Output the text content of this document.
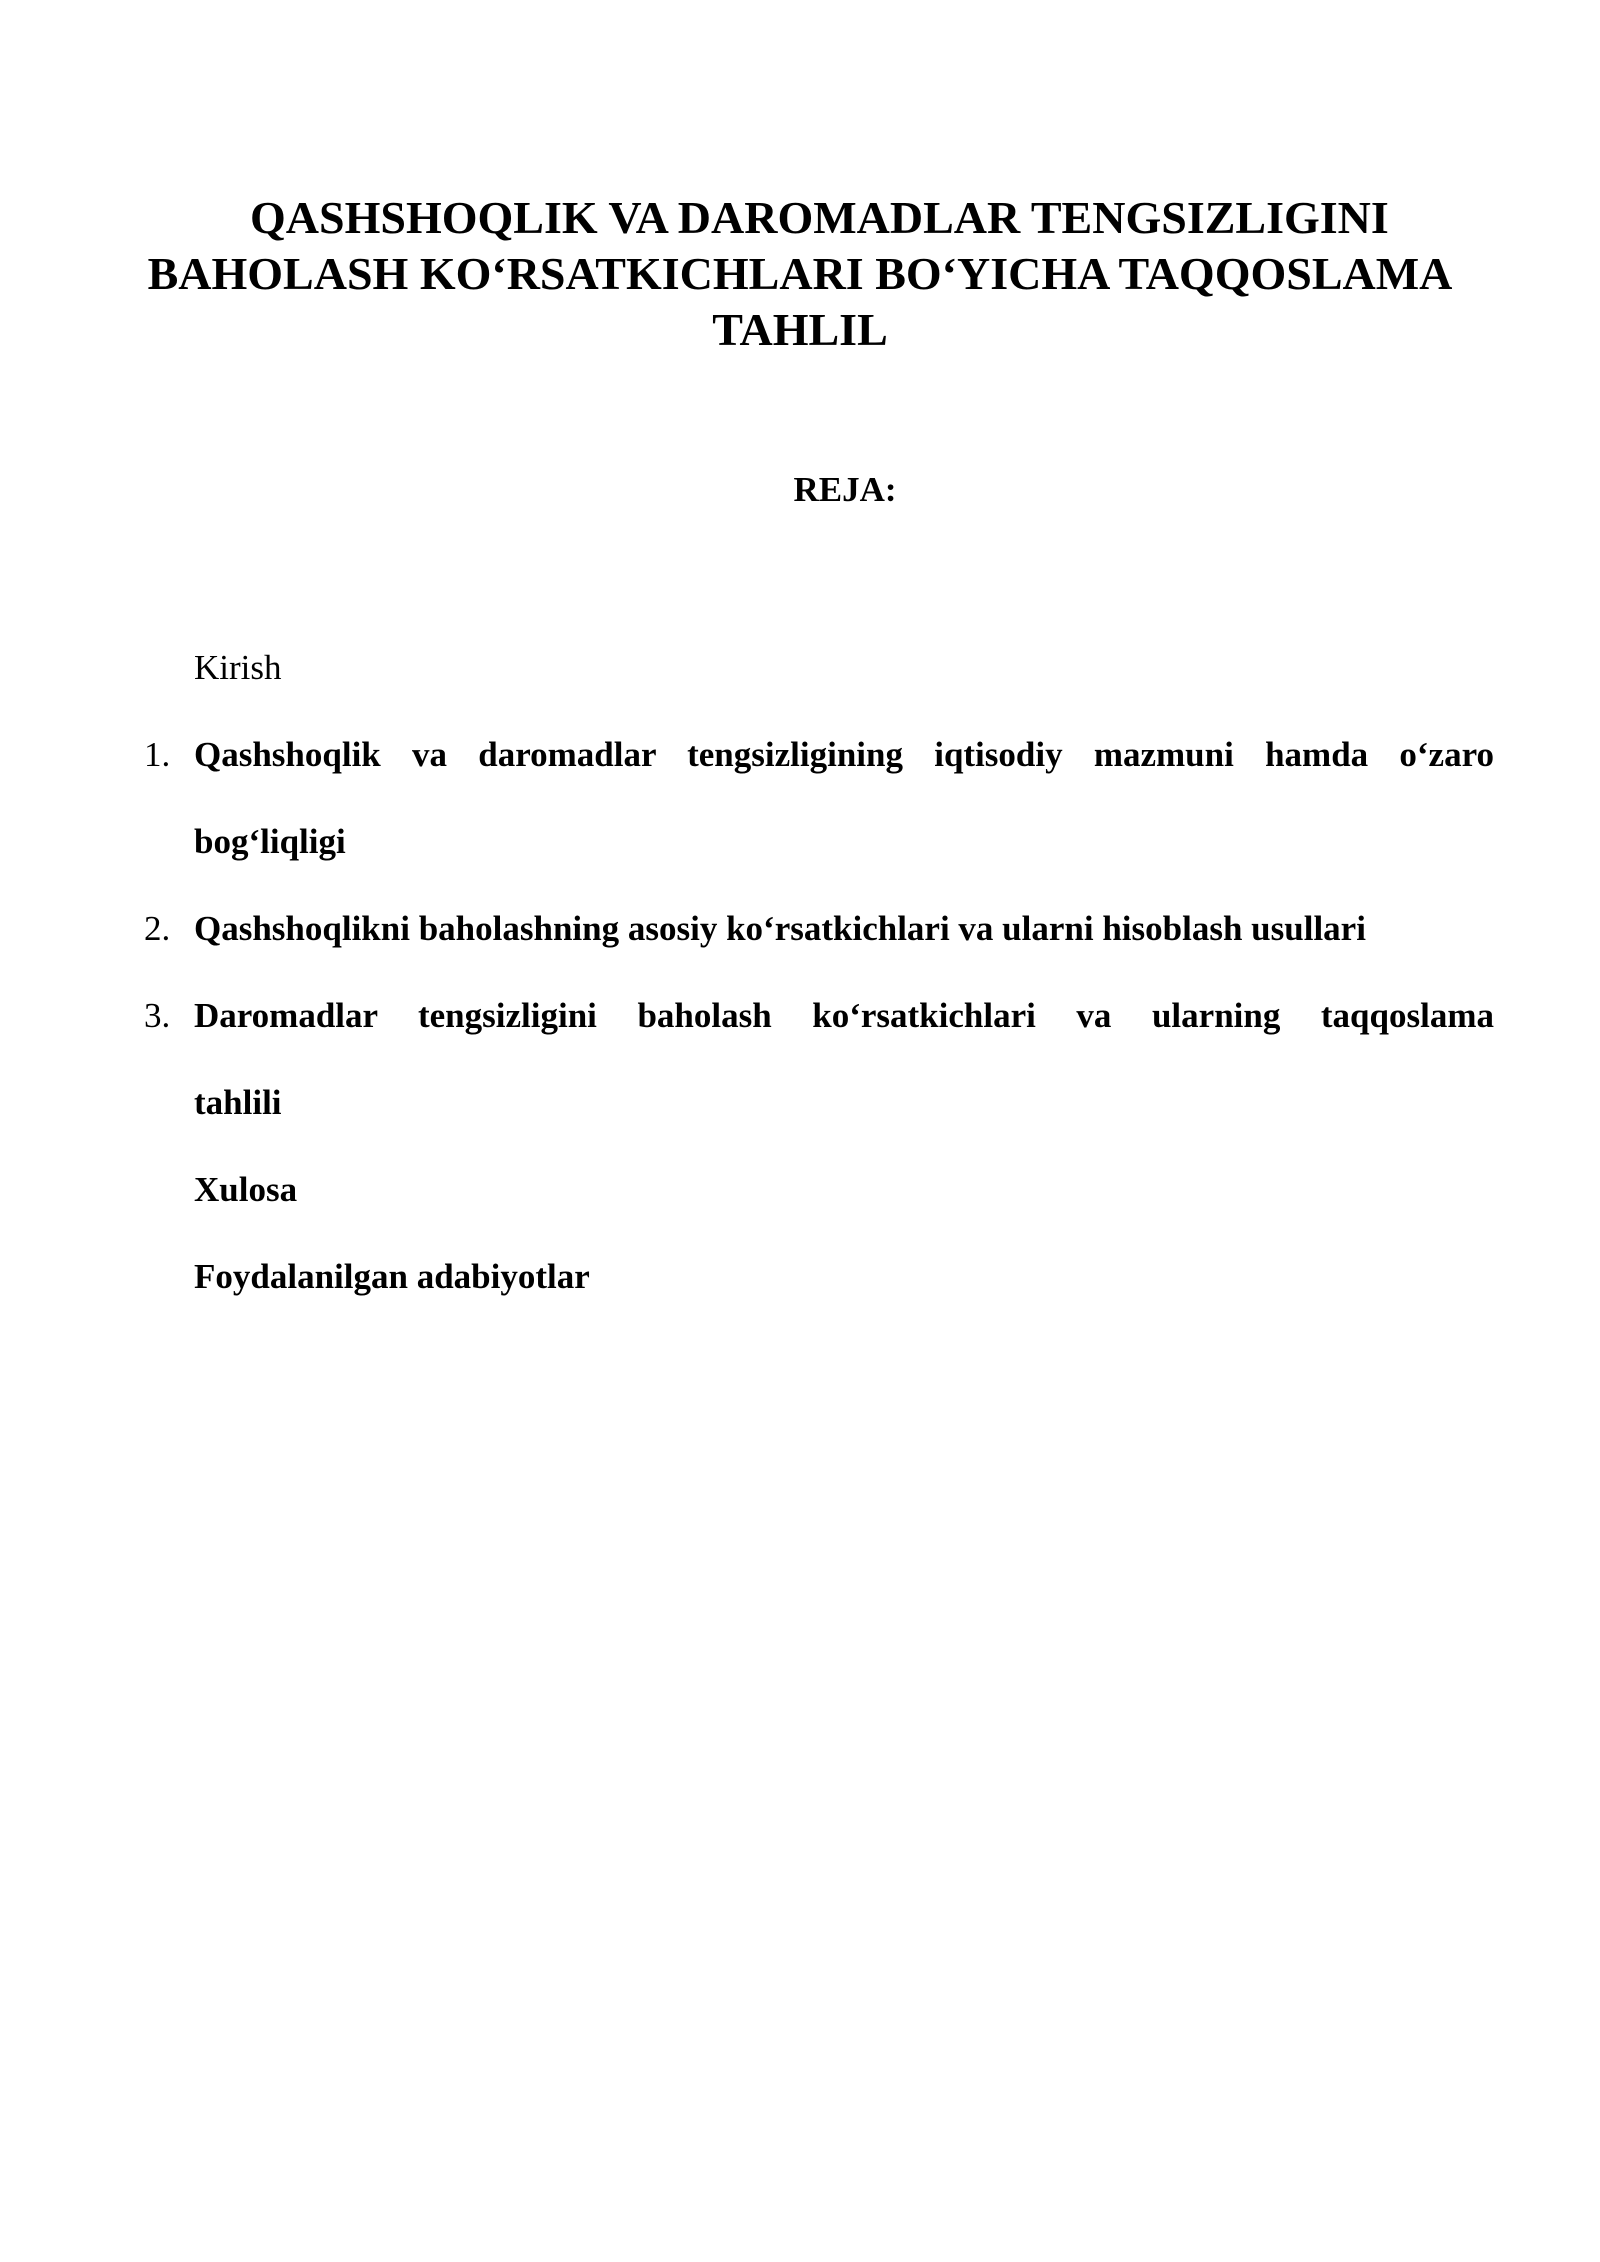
QASHSHOQLIK VA DAROMADLAR TENGSIZLIGINI
BAHOLASH KO‘RSATKICHLARI BO‘YICHA TAQQOSLAMA
TAHLIL
REJA:
Kirish
1. Qashshoqlik va daromadlar tengsizligining iqtisodiy mazmuni hamda o‘zaro
bog‘liqligi
2. Qashshoqlikni baholashning asosiy ko‘rsatkichlari va ularni hisoblash usullari
3. Daromadlar tengsizligini baholash ko‘rsatkichlari va ularning taqqoslama
tahlili
Xulosa
Foydalanilgan adabiyotlar
